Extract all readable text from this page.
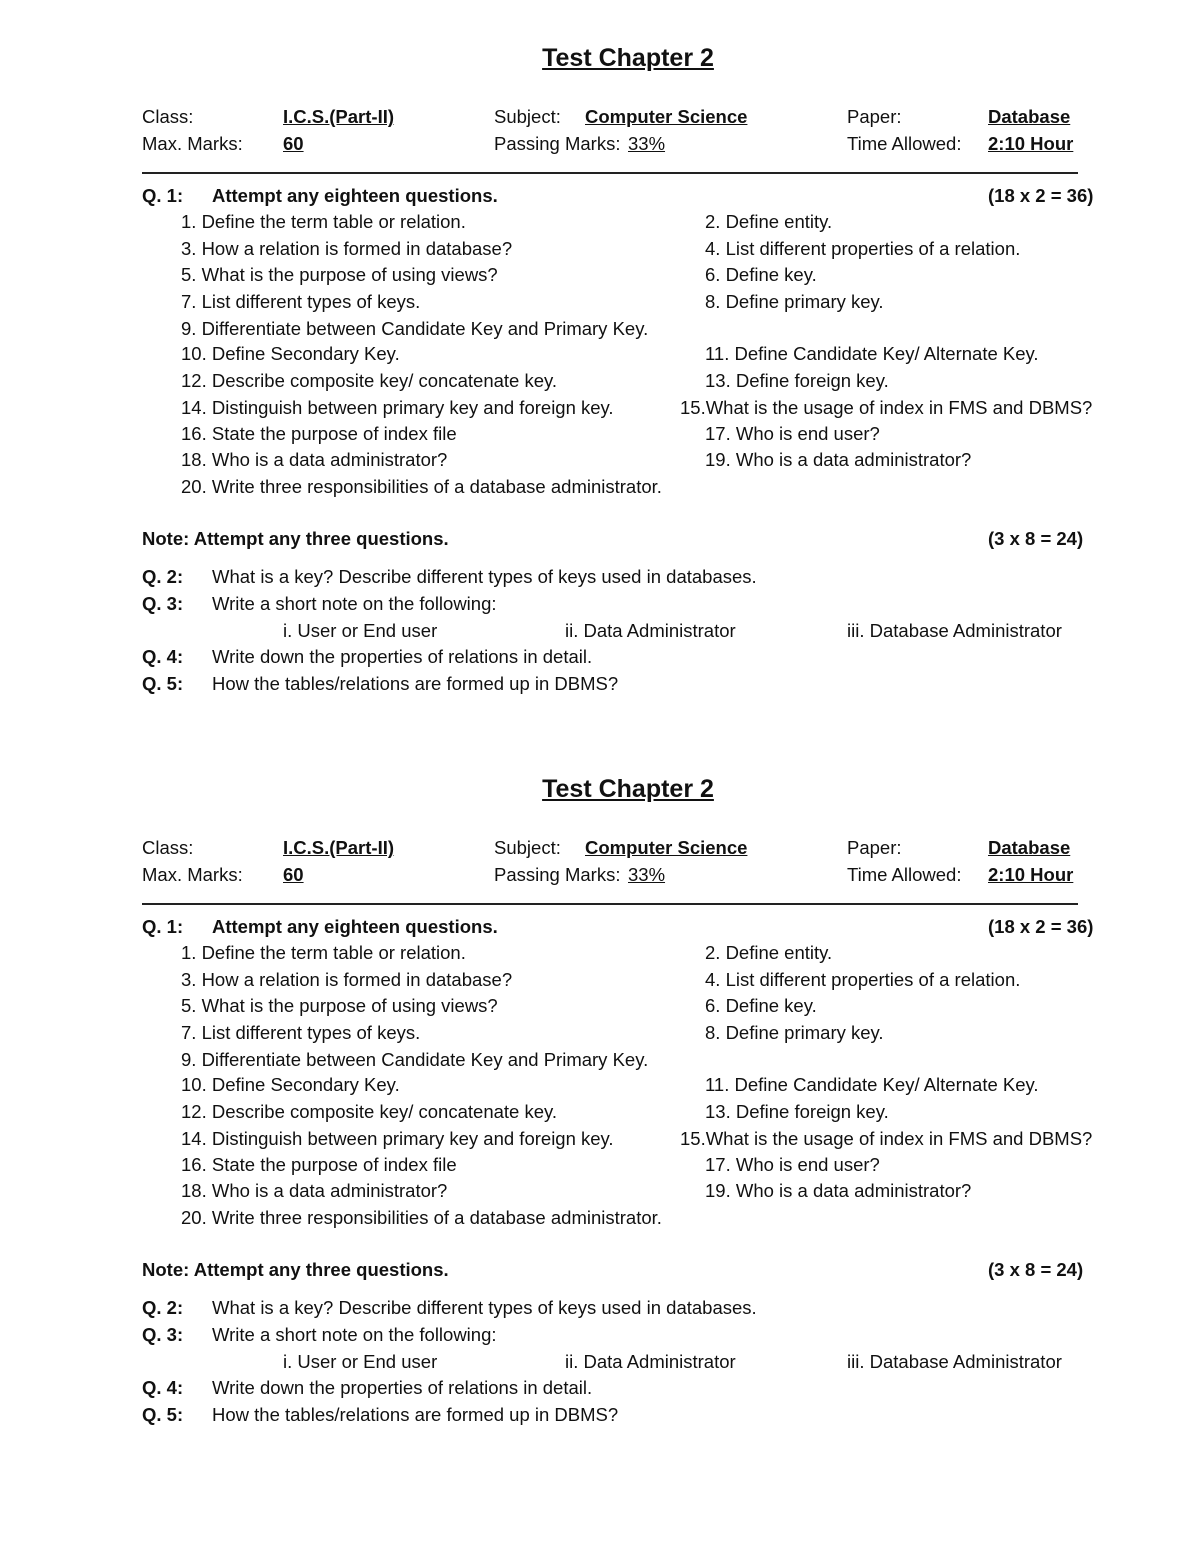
Test Chapter 2
Class:	I.C.S.(Part-II)	Subject: Computer Science	Paper:	Database
Max. Marks: 60	Passing Marks: 33%	Time Allowed: 2:10 Hour
Q. 1: Attempt any eighteen questions.	(18 x 2 = 36)
1. Define the term table or relation.	2. Define entity.
3. How a relation is formed in database?	4. List different properties of a relation.
5. What is the purpose of using views?	6. Define key.
7. List different types of keys.	8. Define primary key.
9. Differentiate between Candidate Key and Primary Key.
10. Define Secondary Key.	11. Define Candidate Key/ Alternate Key.
12. Describe composite key/ concatenate key.	13. Define foreign key.
14. Distinguish between primary key and foreign key.	15.What is the usage of index in FMS and DBMS?
16. State the purpose of index file	17. Who is end user?
18. Who is a data administrator?	19. Who is a data administrator?
20. Write three responsibilities of a database administrator.
Note: Attempt any three questions.	(3 x 8 = 24)
Q. 2: What is a key? Describe different types of keys used in databases.
Q. 3: Write a short note on the following:
i. User or End user	ii. Data Administrator	iii. Database Administrator
Q. 4: Write down the properties of relations in detail.
Q. 5: How the tables/relations are formed up in DBMS?
Test Chapter 2
Class:	I.C.S.(Part-II)	Subject: Computer Science	Paper:	Database
Max. Marks: 60	Passing Marks: 33%	Time Allowed: 2:10 Hour
Q. 1: Attempt any eighteen questions.	(18 x 2 = 36)
1. Define the term table or relation.	2. Define entity.
3. How a relation is formed in database?	4. List different properties of a relation.
5. What is the purpose of using views?	6. Define key.
7. List different types of keys.	8. Define primary key.
9. Differentiate between Candidate Key and Primary Key.
10. Define Secondary Key.	11. Define Candidate Key/ Alternate Key.
12. Describe composite key/ concatenate key.	13. Define foreign key.
14. Distinguish between primary key and foreign key.	15.What is the usage of index in FMS and DBMS?
16. State the purpose of index file	17. Who is end user?
18. Who is a data administrator?	19. Who is a data administrator?
20. Write three responsibilities of a database administrator.
Note: Attempt any three questions.	(3 x 8 = 24)
Q. 2: What is a key? Describe different types of keys used in databases.
Q. 3: Write a short note on the following:
i. User or End user	ii. Data Administrator	iii. Database Administrator
Q. 4: Write down the properties of relations in detail.
Q. 5: How the tables/relations are formed up in DBMS?
